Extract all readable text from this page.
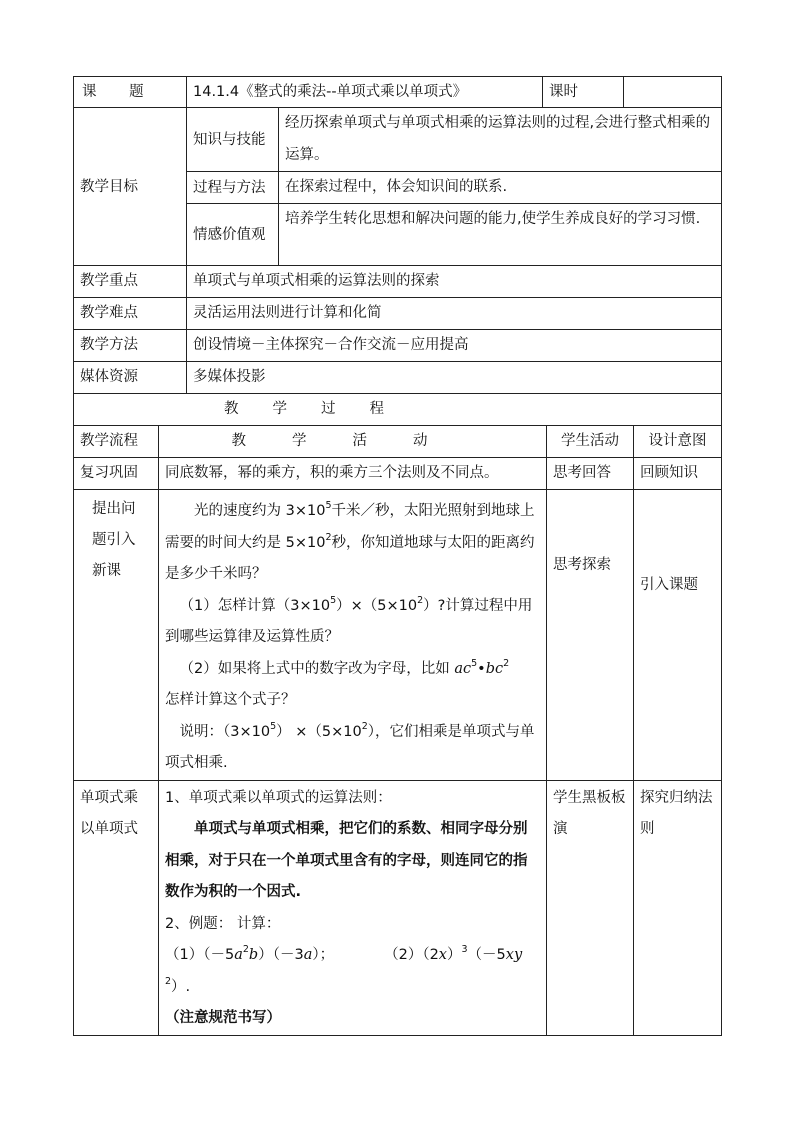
课 题	14.1.4《整式的乘法--单项式乘以单项式》		课时	
教学目标	知识与技能	经历探索单项式与单项式相乘的运算法则的过程,会进行整式相乘的运算。		
	过程与方法	在探索过程中，体会知识间的联系.		
	情感价值观	培养学生转化思想和解决问题的能力,使学生养成良好的学习习惯.		
教学重点	单项式与单项式相乘的运算法则的探索			
教学难点	灵活运用法则进行计算和化简			
教学方法	创设情境－主体探究－合作交流－应用提高			
媒体资源	多媒体投影			
教学过程				
教学流程	教学活动	学生活动	设计意图
复习巩固	同底数幂，幂的乘方，积的乘方三个法则及不同点。	思考回答	回顾知识
提出问题引入新课	光的速度约为 $3\times 10^5$千米／秒，太阳光照射到地球上需要的时间大约是 $5\times 10^2$秒，你知道地球与太阳的距离约是多少千米吗？
（1）怎样计算$(3\times 10^5)\times(5\times 10^2)$?计算过程中用到哪些运算律及运算性质？
（2）如果将上式中的数字改为字母，比如 $ac^5•bc^2$
怎样计算这个式子？
说明：$(3\times 10^5) \times(5\times 10^2)$，它们相乘是单项式与单项式相乘.	思考探索	引入课题
单项式乘以单项式	1、单项式乘以单项式的运算法则：
单项式与单项式相乘，把它们的系数、相同字母分别相乘，对于只在一个单项式里含有的字母，则连同它的指数作为积的一个因式.
2、例题： 计算：
$(1)(-5a^2b)(-3a)$； $(2)(2x)^3(-5xy^2)$.
（注意规范书写）	学生黑板板演	探究归纳法则
